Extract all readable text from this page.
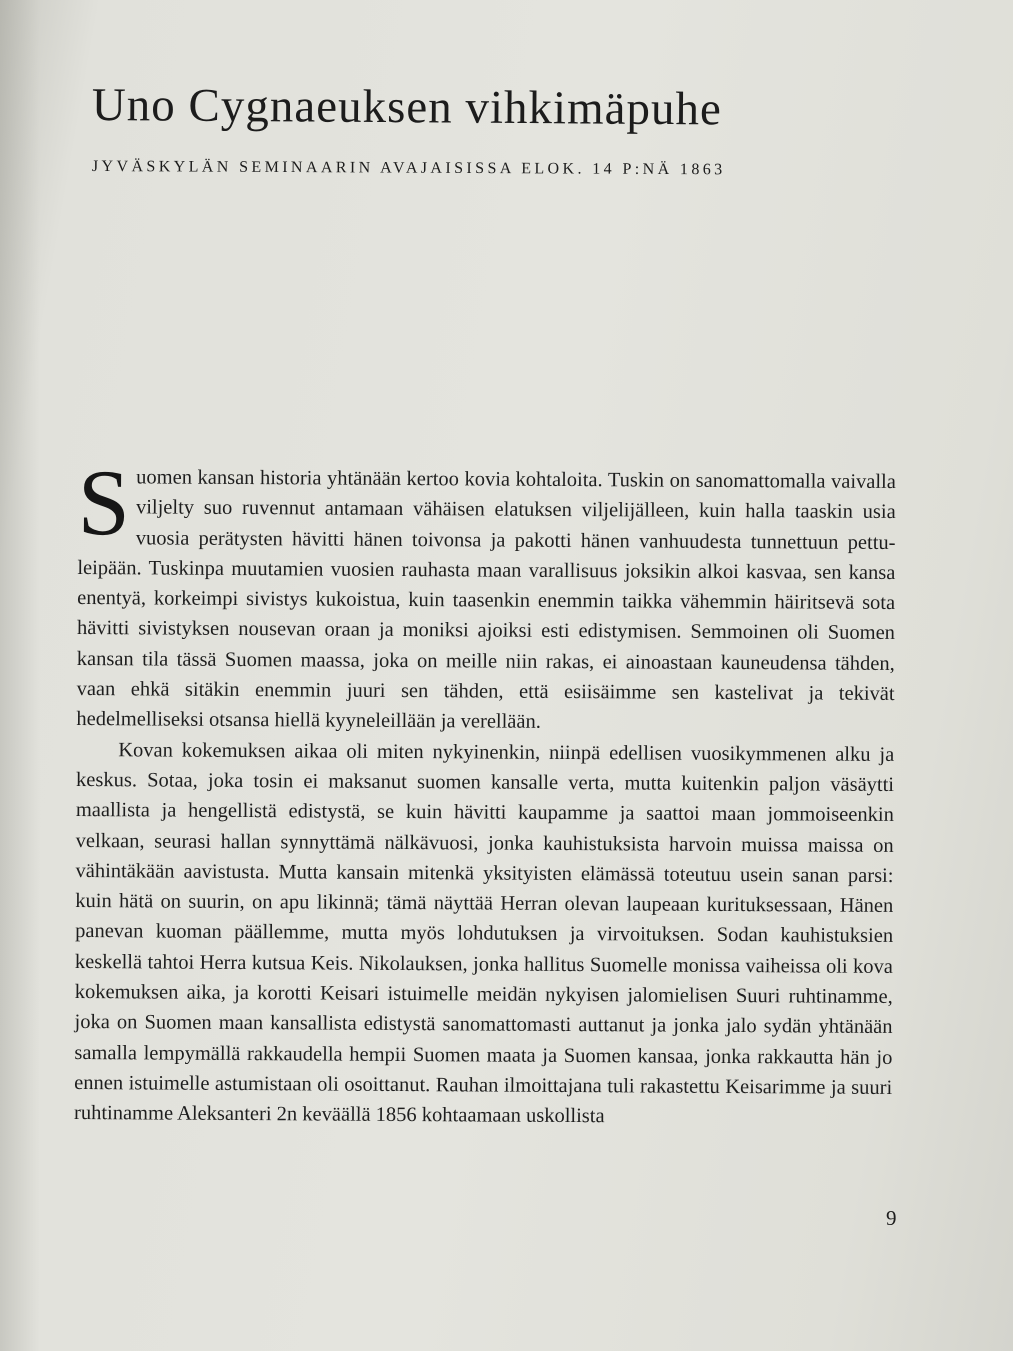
Uno Cygnaeuksen vihkimäpuhe
JYVÄSKYLÄN SEMINAARIN AVAJAISISSA ELOK. 14 P:NÄ 1863

Suomen kansan historia yhtänään kertoo kovia kohtaloita. Tuskin on sanomattomalla vaivalla viljelty suo ruvennut antamaan vähäisen elatuksen viljelijälleen, kuin halla taaskin usia vuosia perätysten hävitti hänen toivonsa ja pakotti hänen vanhuudesta tunnettuun pettu-leipään. Tuskinpa muutamien vuosien rauhasta maan varallisuus joksikin alkoi kasvaa, sen kansa enentyä, korkeimpi sivistys kukoistua, kuin taasenkin enemmin taikka vähemmin häiritsevä sota hävitti sivistyksen nousevan oraan ja moniksi ajoiksi esti edistymisen. Semmoinen oli Suomen kansan tila tässä Suomen maassa, joka on meille niin rakas, ei ainoastaan kauneudensa tähden, vaan ehkä sitäkin enemmin juuri sen tähden, että esiisäimme sen kastelivat ja tekivät hedelmelliseksi otsansa hiellä kyyneleillään ja verellään.

Kovan kokemuksen aikaa oli miten nykyinenkin, niinpä edellisen vuosikymmenen alku ja keskus. Sotaa, joka tosin ei maksanut suomen kansalle verta, mutta kuitenkin paljon väsäytti maallista ja hengellistä edistystä, se kuin hävitti kaupamme ja saattoi maan jommoiseenkin velkaan, seurasi hallan synnyttämä nälkävuosi, jonka kauhistuksista harvoin muissa maissa on vähintäkään aavistusta. Mutta kansain mitenkä yksityisten elämässä toteutuu usein sanan parsi: kuin hätä on suurin, on apu likinnä; tämä näyttää Herran olevan laupeaan kurituksessaan, Hänen panevan kuoman päällemme, mutta myös lohdutuksen ja virvoituksen. Sodan kauhistuksien keskellä tahtoi Herra kutsua Keis. Nikolauksen, jonka hallitus Suomelle monissa vaiheissa oli kova kokemuksen aika, ja korotti Keisari istuimelle meidän nykyisen jalomielisen Suuri ruhtinamme, joka on Suomen maan kansallista edistystä sanomattomasti auttanut ja jonka jalo sydän yhtänään samalla lempymällä rakkaudella hempii Suomen maata ja Suomen kansaa, jonka rakkautta hän jo ennen istuimelle astumistaan oli osoittanut. Rauhan ilmoittajana tuli rakastettu Keisarimme ja suuri ruhtinamme Aleksanteri 2n keväällä 1856 kohtaamaan uskollista

9
